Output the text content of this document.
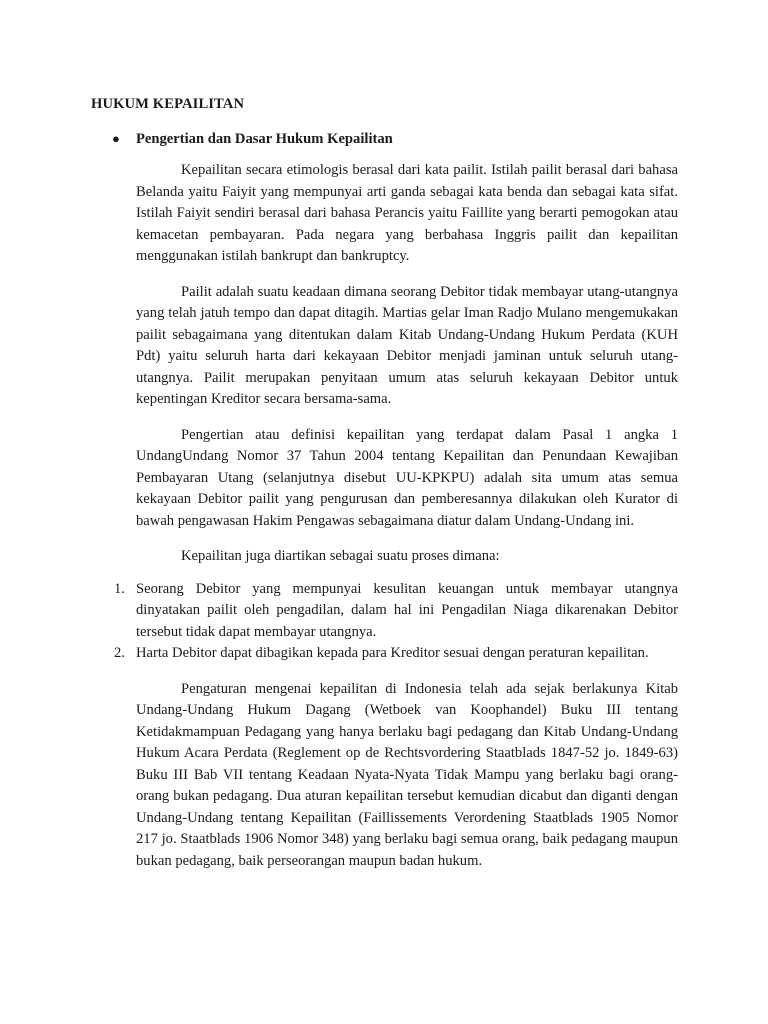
HUKUM KEPAILITAN
● Pengertian dan Dasar Hukum Kepailitan

Kepailitan secara etimologis berasal dari kata pailit. Istilah pailit berasal dari bahasa Belanda yaitu Faiyit yang mempunyai arti ganda sebagai kata benda dan sebagai kata sifat. Istilah Faiyit sendiri berasal dari bahasa Perancis yaitu Faillite yang berarti pemogokan atau kemacetan pembayaran. Pada negara yang berbahasa Inggris pailit dan kepailitan menggunakan istilah bankrupt dan bankruptcy.

Pailit adalah suatu keadaan dimana seorang Debitor tidak membayar utang-utangnya yang telah jatuh tempo dan dapat ditagih. Martias gelar Iman Radjo Mulano mengemukakan pailit sebagaimana yang ditentukan dalam Kitab Undang-Undang Hukum Perdata (KUH Pdt) yaitu seluruh harta dari kekayaan Debitor menjadi jaminan untuk seluruh utang-utangnya. Pailit merupakan penyitaan umum atas seluruh kekayaan Debitor untuk kepentingan Kreditor secara bersama-sama.

Pengertian atau definisi kepailitan yang terdapat dalam Pasal 1 angka 1 UndangUndang Nomor 37 Tahun 2004 tentang Kepailitan dan Penundaan Kewajiban Pembayaran Utang (selanjutnya disebut UU-KPKPU) adalah sita umum atas semua kekayaan Debitor pailit yang pengurusan dan pemberesannya dilakukan oleh Kurator di bawah pengawasan Hakim Pengawas sebagaimana diatur dalam Undang-Undang ini.

Kepailitan juga diartikan sebagai suatu proses dimana:

1. Seorang Debitor yang mempunyai kesulitan keuangan untuk membayar utangnya dinyatakan pailit oleh pengadilan, dalam hal ini Pengadilan Niaga dikarenakan Debitor tersebut tidak dapat membayar utangnya.
2. Harta Debitor dapat dibagikan kepada para Kreditor sesuai dengan peraturan kepailitan.

Pengaturan mengenai kepailitan di Indonesia telah ada sejak berlakunya Kitab Undang-Undang Hukum Dagang (Wetboek van Koophandel) Buku III tentang Ketidakmampuan Pedagang yang hanya berlaku bagi pedagang dan Kitab Undang-Undang Hukum Acara Perdata (Reglement op de Rechtsvordering Staatblads 1847-52 jo. 1849-63) Buku III Bab VII tentang Keadaan Nyata-Nyata Tidak Mampu yang berlaku bagi orang-orang bukan pedagang. Dua aturan kepailitan tersebut kemudian dicabut dan diganti dengan Undang-Undang tentang Kepailitan (Faillissements Verordening Staatblads 1905 Nomor 217 jo. Staatblads 1906 Nomor 348) yang berlaku bagi semua orang, baik pedagang maupun bukan pedagang, baik perseorangan maupun badan hukum.
